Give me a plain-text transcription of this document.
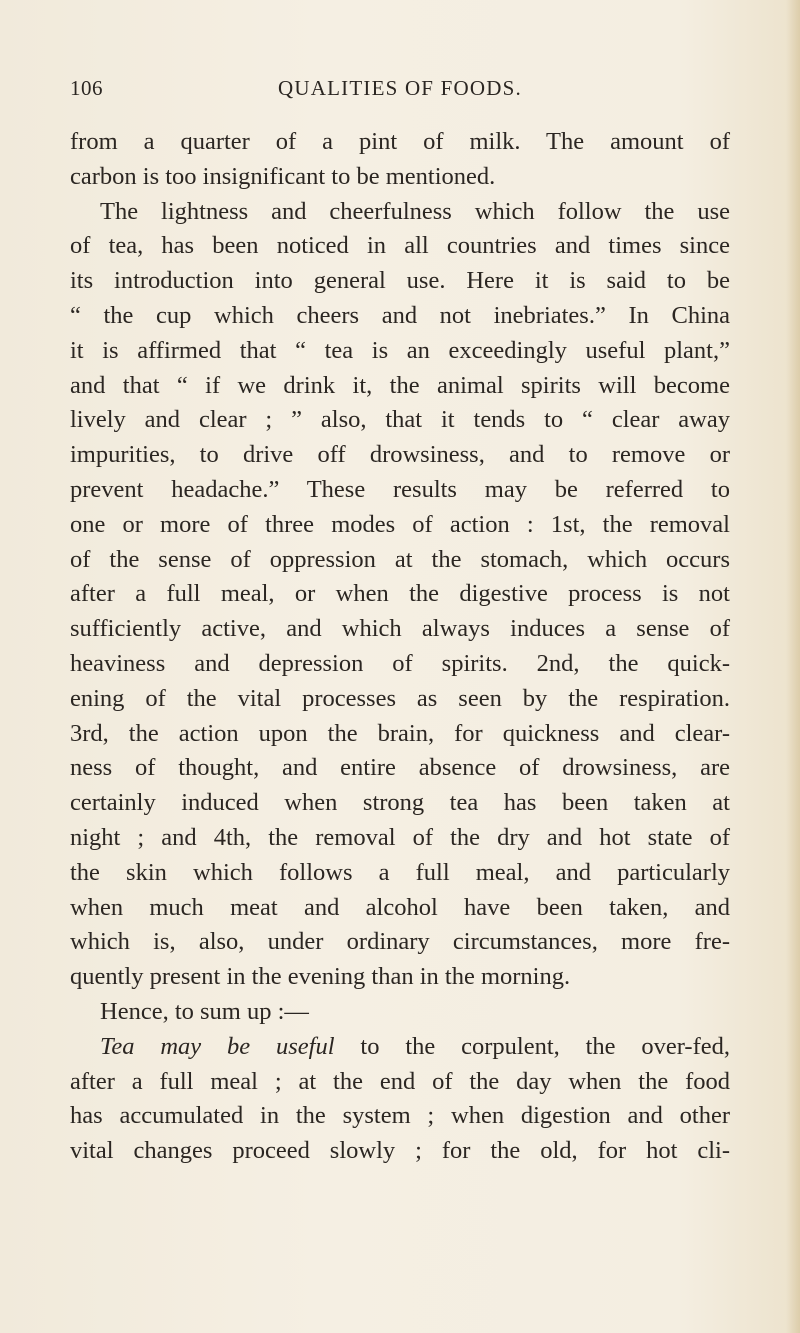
106	QUALITIES OF FOODS.
from a quarter of a pint of milk. The amount of
carbon is too insignificant to be mentioned.
The lightness and cheerfulness which follow the use
of tea, has been noticed in all countries and times since
its introduction into general use. Here it is said to be
“ the cup which cheers and not inebriates.” In China
it is affirmed that “ tea is an exceedingly useful plant,”
and that “ if we drink it, the animal spirits will become
lively and clear ; ” also, that it tends to “ clear away
impurities, to drive off drowsiness, and to remove or
prevent headache.” These results may be referred to
one or more of three modes of action : 1st, the removal
of the sense of oppression at the stomach, which occurs
after a full meal, or when the digestive process is not
sufficiently active, and which always induces a sense of
heaviness and depression of spirits. 2nd, the quick-
ening of the vital processes as seen by the respiration.
3rd, the action upon the brain, for quickness and clear-
ness of thought, and entire absence of drowsiness, are
certainly induced when strong tea has been taken at
night ; and 4th, the removal of the dry and hot state of
the skin which follows a full meal, and particularly
when much meat and alcohol have been taken, and
which is, also, under ordinary circumstances, more fre-
quently present in the evening than in the morning.
Hence, to sum up :—
Tea may be useful to the corpulent, the over-fed,
after a full meal ; at the end of the day when the food
has accumulated in the system ; when digestion and other
vital changes proceed slowly ; for the old, for hot cli-
